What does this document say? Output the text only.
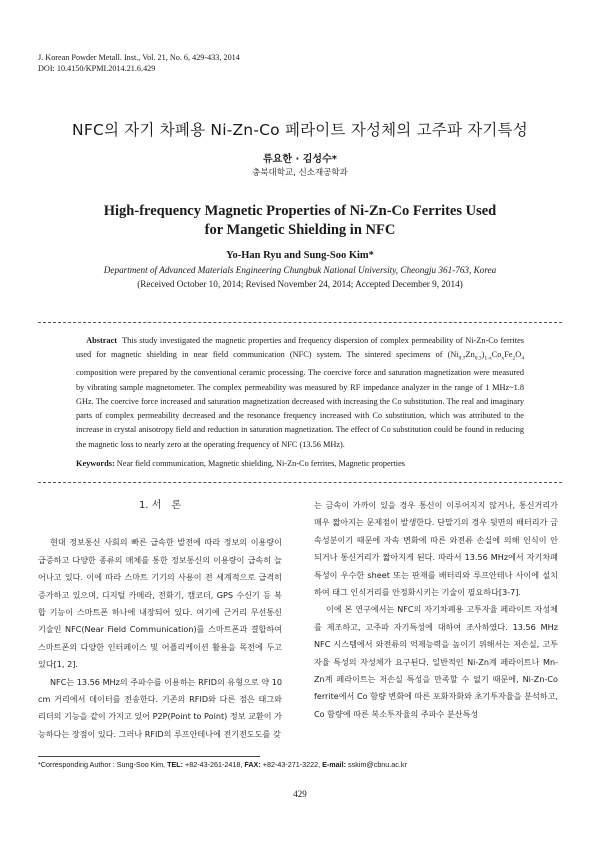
J. Korean Powder Metall. Inst., Vol. 21, No. 6, 429-433, 2014
DOI: 10.4150/KPMI.2014.21.6.429
NFC의 자기 차폐용 Ni-Zn-Co 페라이트 자성체의 고주파 자기특성
류요한 · 김성수*
충북대학교, 신소재공학과
High-frequency Magnetic Properties of Ni-Zn-Co Ferrites Used
for Mangetic Shielding in NFC
Yo-Han Ryu and Sung-Soo Kim*
Department of Advanced Materials Engineering Chungbuk National University, Cheongju 361-763, Korea
(Received October 10, 2014; Revised November 24, 2014; Accepted December 9, 2014)
Abstract This study investigated the magnetic properties and frequency dispersion of complex permeability of Ni-Zn-Co ferrites used for magnetic shielding in near field communication (NFC) system. The sintered specimens of $(Ni_{0.7}Zn_{0.3})_{1-x}Co_xFe_2O_4$ composition were prepared by the conventional ceramic processing. The coercive force and saturation magnetization were measured by vibrating sample magnetometer. The complex permeability was measured by RF impedance analyzer in the range of 1 MHz~1.8 GHz. The coercive force increased and saturation magnetization decreased with increasing the Co substitution. The real and imaginary parts of complex permeability decreased and the resonance frequency increased with Co substitution, which was attributed to the increase in crystal anisotropy field and reduction in saturation magnetization. The effect of Co substitution could be found in reducing the magnetic loss to nearly zero at the operating frequency of NFC (13.56 MHz).
Keywords: Near field communication, Magnetic shielding, Ni-Zn-Co ferrites, Magnetic properties

1. 서　론

현대 정보통신 사회의 빠른 급속한 발전에 따라 정보의 이용량이 급증하고 다양한 종류의 매체를 통한 정보통신의 이용량이 급속히 늘어나고 있다. 이에 따라 스마트 기기의 사용이 전 세계적으로 급격히 증가하고 있으며, 디지털 카메라, 전화기, 캠코더, GPS 수신기 등 복합 기능이 스마트폰 하나에 내장되어 있다. 여기에 근거리 무선통신 기술인 NFC(Near Field Communication)를 스마트폰과 결합하여 스마트폰의 다양한 인터페이스 및 어플리케이션 활용을 목전에 두고 있다[1, 2].

NFC는 13.56 MHz의 주파수를 이용하는 RFID의 유형으로 약 10 cm 거리에서 데이터를 전송한다. 기존의 RFID와 다른 점은 태그와 리더의 기능을 같이 가지고 있어 P2P(Point to Point) 정보 교환이 가능하다는 장점이 있다. 그러나 RFID의 루프안테나에 전기전도도를 갖

는 금속이 가까이 있을 경우 통신이 이루어지지 않거나, 통신거리가 매우 짧아지는 문제점이 발생한다. 단말기의 경우 뒷면의 배터리가 금속성분이기 때문에 자속 변화에 따른 와전류 손실에 의해 인식이 안 되거나 통신거리가 짧아지게 된다. 따라서 13.56 MHz에서 자기차폐 특성이 우수한 sheet 또는 판재를 배터리와 루프안테나 사이에 설치하여 태그 인식거리를 안정화시키는 기술이 필요하다[3-7].

이에 본 연구에서는 NFC의 자기차폐용 고투자율 페라이트 자성체를 제조하고, 고주파 자기특성에 대하여 조사하였다. 13.56 MHz NFC 시스템에서 와전류의 억제능력을 높이기 위해서는 저손실, 고투자율 특성의 자성체가 요구된다. 일반적인 Ni-Zn계 페라이트나 Mn-Zn계 페라이트는 저손실 특성을 만족할 수 없기 때문에, Ni-Zn-Co ferrite에서 Co 함량 변화에 따른 포화자화와 초기투자율을 분석하고, Co 함량에 따른 복소투자율의 주파수 분산특성

*Corresponding Author : Sung-Soo Kim, TEL: +82-43-261-2418, FAX: +82-43-271-3222, E-mail: sskim@cbnu.ac.kr
429
